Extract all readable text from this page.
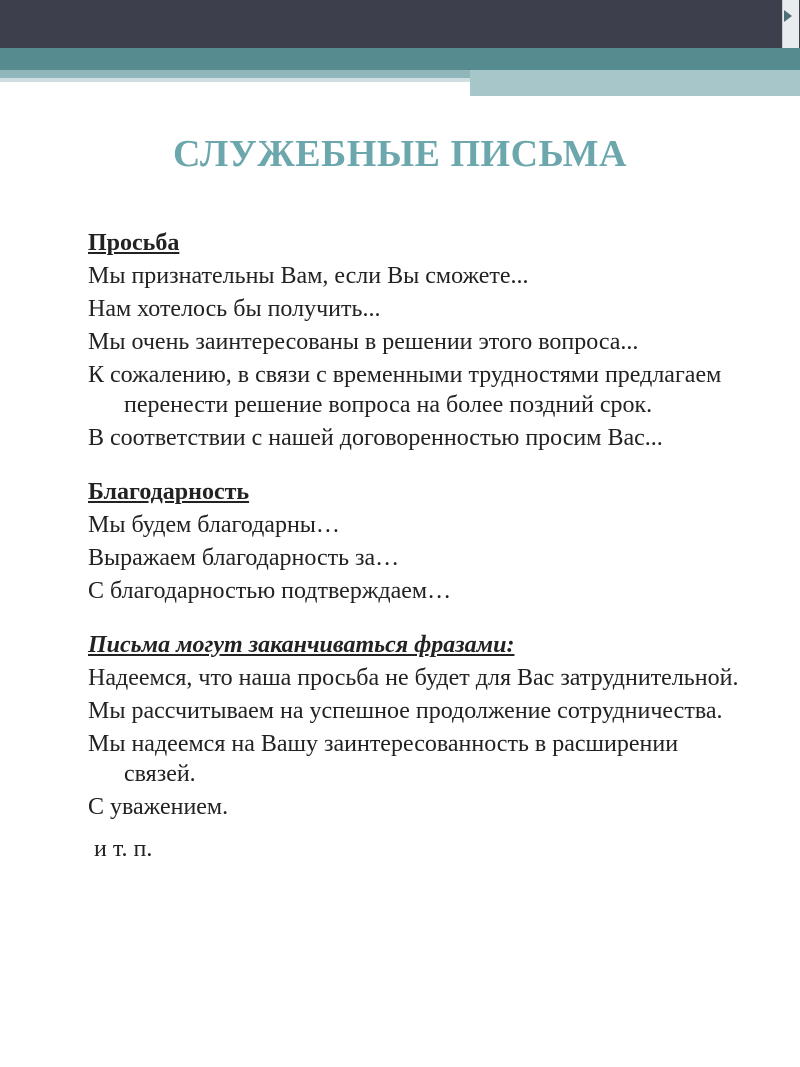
СЛУЖЕБНЫЕ ПИСЬМА
Просьба
Мы признательны Вам, если Вы сможете...
Нам хотелось бы получить...
Мы очень заинтересованы в решении этого вопроса...
К сожалению, в связи с временными трудностями предлагаем перенести решение вопроса на более поздний срок.
В соответствии с нашей договоренностью просим Вас...
Благодарность
Мы будем благодарны…
Выражаем благодарность за…
С благодарностью подтверждаем…
Письма могут заканчиваться фразами:
Надеемся, что наша просьба не будет для Вас затруднительной.
Мы рассчитываем на успешное продолжение сотрудничества.
Мы надеемся на Вашу заинтересованность в расширении связей.
С уважением.
и т. п.
